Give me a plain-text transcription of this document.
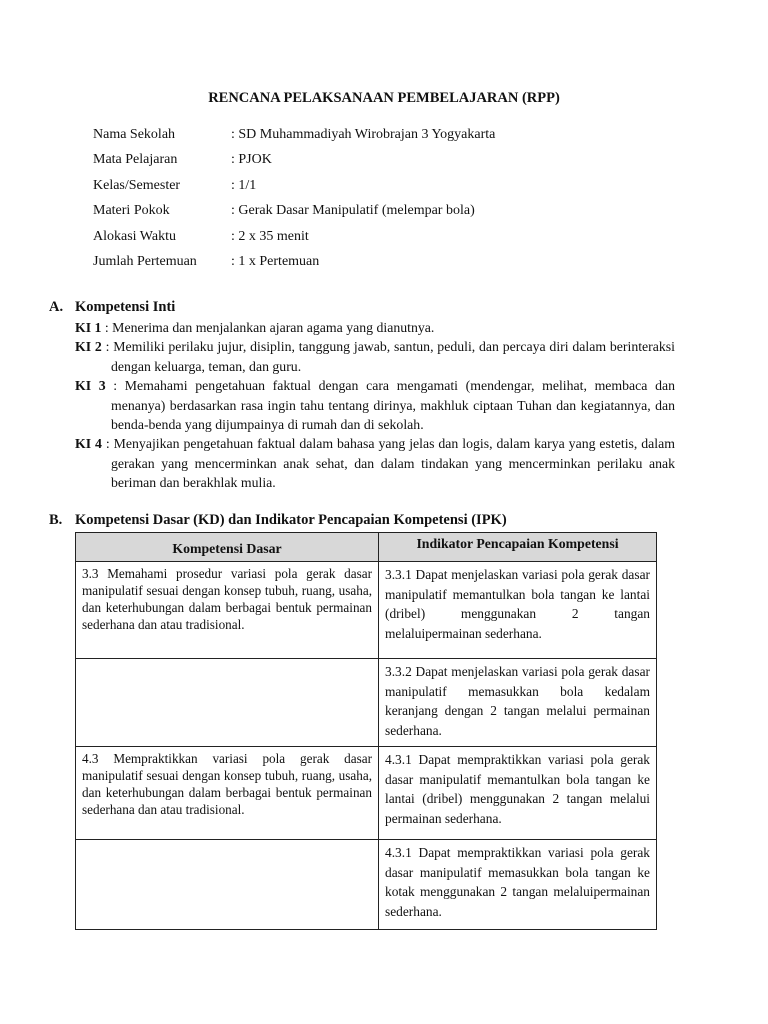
RENCANA PELAKSANAAN PEMBELAJARAN (RPP)
Nama Sekolah	: SD Muhammadiyah Wirobrajan 3 Yogyakarta
Mata Pelajaran	: PJOK
Kelas/Semester	: 1/1
Materi Pokok	: Gerak Dasar Manipulatif (melempar bola)
Alokasi Waktu	: 2 x 35 menit
Jumlah Pertemuan	: 1 x Pertemuan
A. Kompetensi Inti

KI 1 : Menerima dan menjalankan ajaran agama yang dianutnya.

KI 2 : Memiliki perilaku jujur, disiplin, tanggung jawab, santun, peduli, dan percaya diri dalam berinteraksi dengan keluarga, teman, dan guru.

KI 3 : Memahami pengetahuan faktual dengan cara mengamati (mendengar, melihat, membaca dan menanya) berdasarkan rasa ingin tahu tentang dirinya, makhluk ciptaan Tuhan dan kegiatannya, dan benda-benda yang dijumpainya di rumah dan di sekolah.

KI 4 : Menyajikan pengetahuan faktual dalam bahasa yang jelas dan logis, dalam karya yang estetis, dalam gerakan yang mencerminkan anak sehat, dan dalam tindakan yang mencerminkan perilaku anak beriman dan berakhlak mulia.

B. Kompetensi Dasar (KD) dan Indikator Pencapaian Kompetensi (IPK)
Kompetensi Dasar	Indikator Pencapaian Kompetensi

3.3 Memahami prosedur variasi pola gerak dasar manipulatif sesuai dengan konsep tubuh, ruang, usaha, dan keterhubungan dalam berbagai bentuk permainan sederhana dan atau tradisional.	3.3.1 Dapat menjelaskan variasi pola gerak dasar manipulatif memantulkan bola tangan ke lantai (dribel) menggunakan 2 tangan melaluipermainan sederhana.
	3.3.2 Dapat menjelaskan variasi pola gerak dasar manipulatif memasukkan bola kedalam keranjang dengan 2 tangan melalui permainan sederhana.
4.3 Mempraktikkan variasi pola gerak dasar manipulatif sesuai dengan konsep tubuh, ruang, usaha, dan keterhubungan dalam berbagai bentuk permainan sederhana dan atau tradisional.	4.3.1 Dapat mempraktikkan variasi pola gerak dasar manipulatif memantulkan bola tangan ke lantai (dribel) menggunakan 2 tangan melalui permainan sederhana.
	4.3.1 Dapat mempraktikkan variasi pola gerak dasar manipulatif memasukkan bola tangan ke kotak menggunakan 2 tangan melaluipermainan sederhana.
